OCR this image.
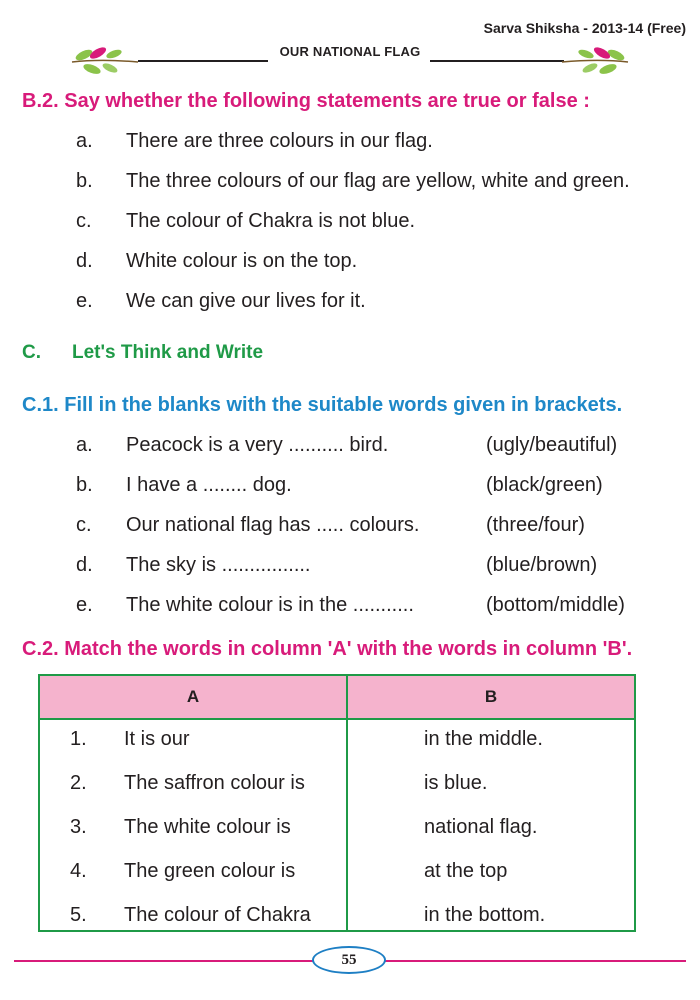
Sarva Shiksha - 2013-14 (Free)
OUR NATIONAL FLAG
B.2. Say whether the following statements are true or false :
a.	There are three colours in our flag.
b.	The three colours of our flag are yellow, white and green.
c.	The colour of Chakra is not blue.
d.	White colour is on the top.
e.	We can give our lives for it.
C. Let's Think and Write
C.1. Fill in the blanks with the suitable words given in brackets.
a.	Peacock is a very .......... bird.	(ugly/beautiful)
b.	I have a ........ dog.	(black/green)
c.	Our national flag has ..... colours.	(three/four)
d.	The sky is ................	(blue/brown)
e.	The white colour is in the ...........	(bottom/middle)
C.2. Match the words in column 'A' with the words in column 'B'.
A	B
1. It is our	in the middle.
2. The saffron colour is	is blue.
3. The white colour is	national flag.
4. The green colour is	at the top
5. The colour of Chakra	in the bottom.
55
